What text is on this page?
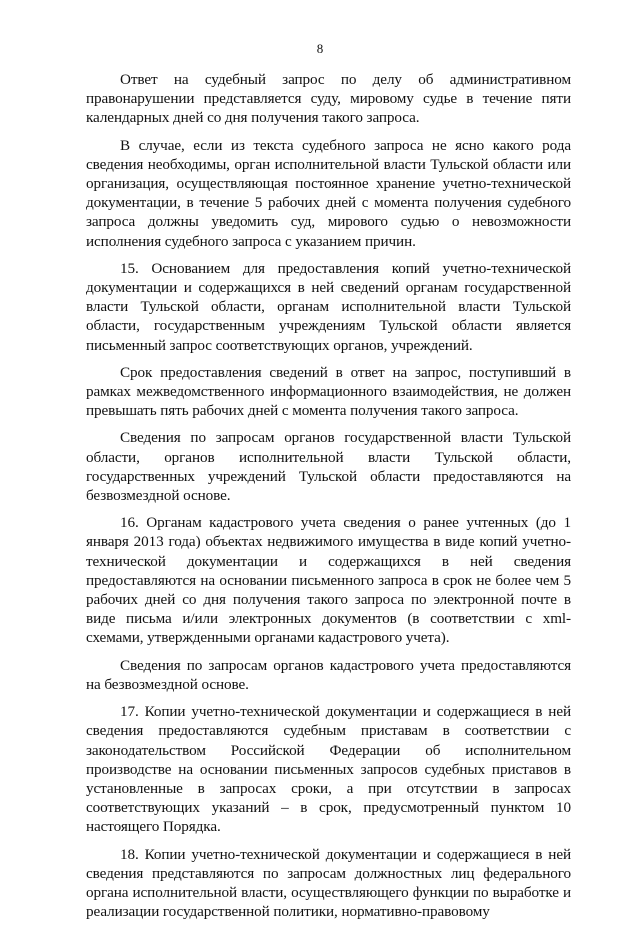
8

Ответ на судебный запрос по делу об административном правонарушении представляется суду, мировому судье в течение пяти календарных дней со дня получения такого запроса.

В случае, если из текста судебного запроса не ясно какого рода сведения необходимы, орган исполнительной власти Тульской области или организация, осуществляющая постоянное хранение учетно-технической документации, в течение 5 рабочих дней с момента получения судебного запроса должны уведомить суд, мирового судью о невозможности исполнения судебного запроса с указанием причин.

15. Основанием для предоставления копий учетно-технической документации и содержащихся в ней сведений органам государственной власти Тульской области, органам исполнительной власти Тульской области, государственным учреждениям Тульской области является письменный запрос соответствующих органов, учреждений.

Срок предоставления сведений в ответ на запрос, поступивший в рамках межведомственного информационного взаимодействия, не должен превышать пять рабочих дней с момента получения такого запроса.

Сведения по запросам органов государственной власти Тульской области, органов исполнительной власти Тульской области, государственных учреждений Тульской области предоставляются на безвозмездной основе.

16. Органам кадастрового учета сведения о ранее учтенных (до 1 января 2013 года) объектах недвижимого имущества в виде копий учетно-технической документации и содержащихся в ней сведения предоставляются на основании письменного запроса в срок не более чем 5 рабочих дней со дня получения такого запроса по электронной почте в виде письма и/или электронных документов (в соответствии с xml-схемами, утвержденными органами кадастрового учета).

Сведения по запросам органов кадастрового учета предоставляются на безвозмездной основе.

17. Копии учетно-технической документации и содержащиеся в ней сведения предоставляются судебным приставам в соответствии с законодательством Российской Федерации об исполнительном производстве на основании письменных запросов судебных приставов в установленные в запросах сроки, а при отсутствии в запросах соответствующих указаний – в срок, предусмотренный пунктом 10 настоящего Порядка.

18. Копии учетно-технической документации и содержащиеся в ней сведения представляются по запросам должностных лиц федерального органа исполнительной власти, осуществляющего функции по выработке и реализации государственной политики, нормативно-правовому
